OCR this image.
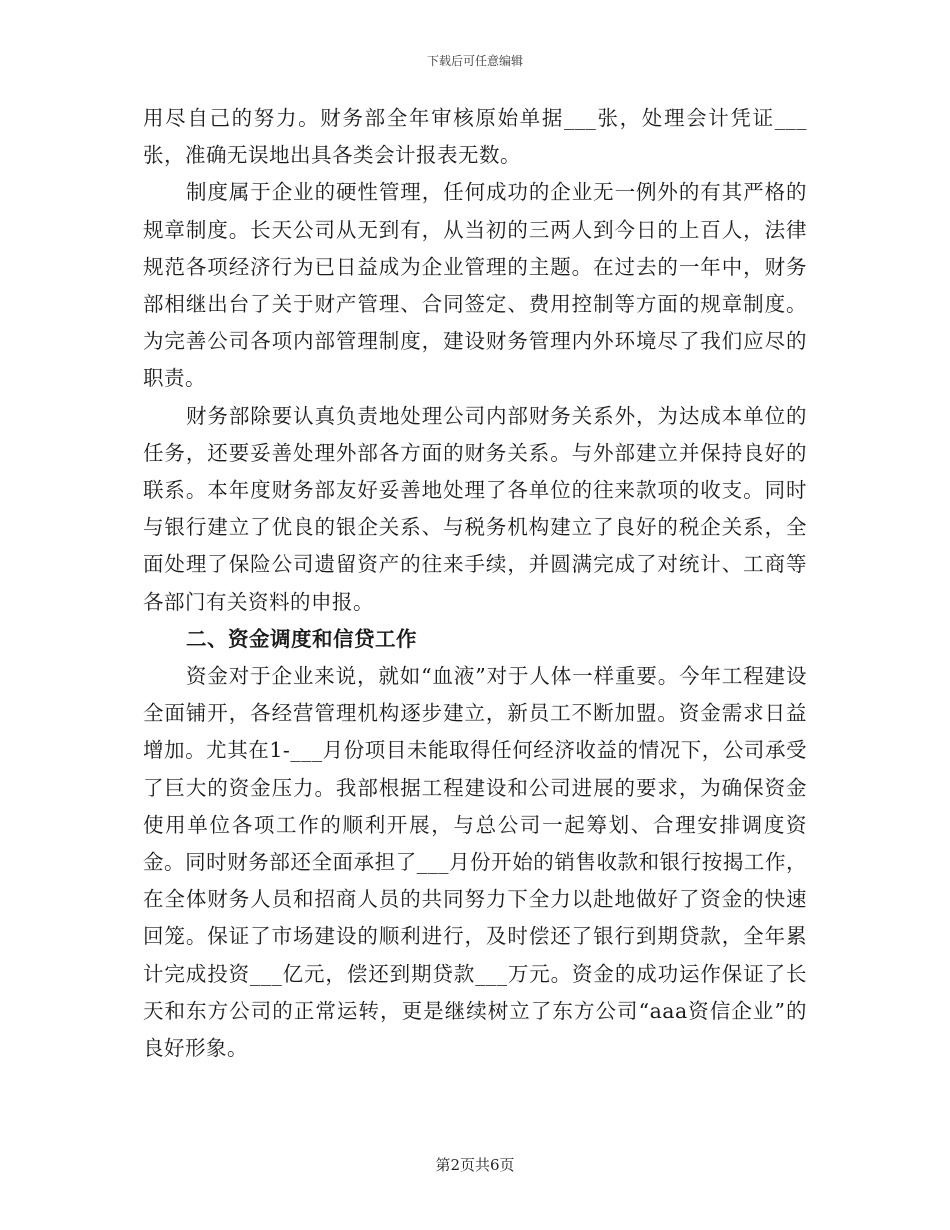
下载后可任意编辑

用尽自己的努力。财务部全年审核原始单据___张，处理会计凭证___张，准确无误地出具各类会计报表无数。

制度属于企业的硬性管理，任何成功的企业无一例外的有其严格的规章制度。长天公司从无到有，从当初的三两人到今日的上百人，法律规范各项经济行为已日益成为企业管理的主题。在过去的一年中，财务部相继出台了关于财产管理、合同签定、费用控制等方面的规章制度。为完善公司各项内部管理制度，建设财务管理内外环境尽了我们应尽的职责。

财务部除要认真负责地处理公司内部财务关系外，为达成本单位的任务，还要妥善处理外部各方面的财务关系。与外部建立并保持良好的联系。本年度财务部友好妥善地处理了各单位的往来款项的收支。同时与银行建立了优良的银企关系、与税务机构建立了良好的税企关系，全面处理了保险公司遗留资产的往来手续，并圆满完成了对统计、工商等各部门有关资料的申报。

二、资金调度和信贷工作

资金对于企业来说，就如“血液”对于人体一样重要。今年工程建设全面铺开，各经营管理机构逐步建立，新员工不断加盟。资金需求日益增加。尤其在1-___月份项目未能取得任何经济收益的情况下，公司承受了巨大的资金压力。我部根据工程建设和公司进展的要求，为确保资金使用单位各项工作的顺利开展，与总公司一起筹划、合理安排调度资金。同时财务部还全面承担了___月份开始的销售收款和银行按揭工作，在全体财务人员和招商人员的共同努力下全力以赴地做好了资金的快速回笼。保证了市场建设的顺利进行，及时偿还了银行到期贷款，全年累计完成投资___亿元，偿还到期贷款___万元。资金的成功运作保证了长天和东方公司的正常运转，更是继续树立了东方公司“aaa资信企业”的良好形象。

第2页共6页
